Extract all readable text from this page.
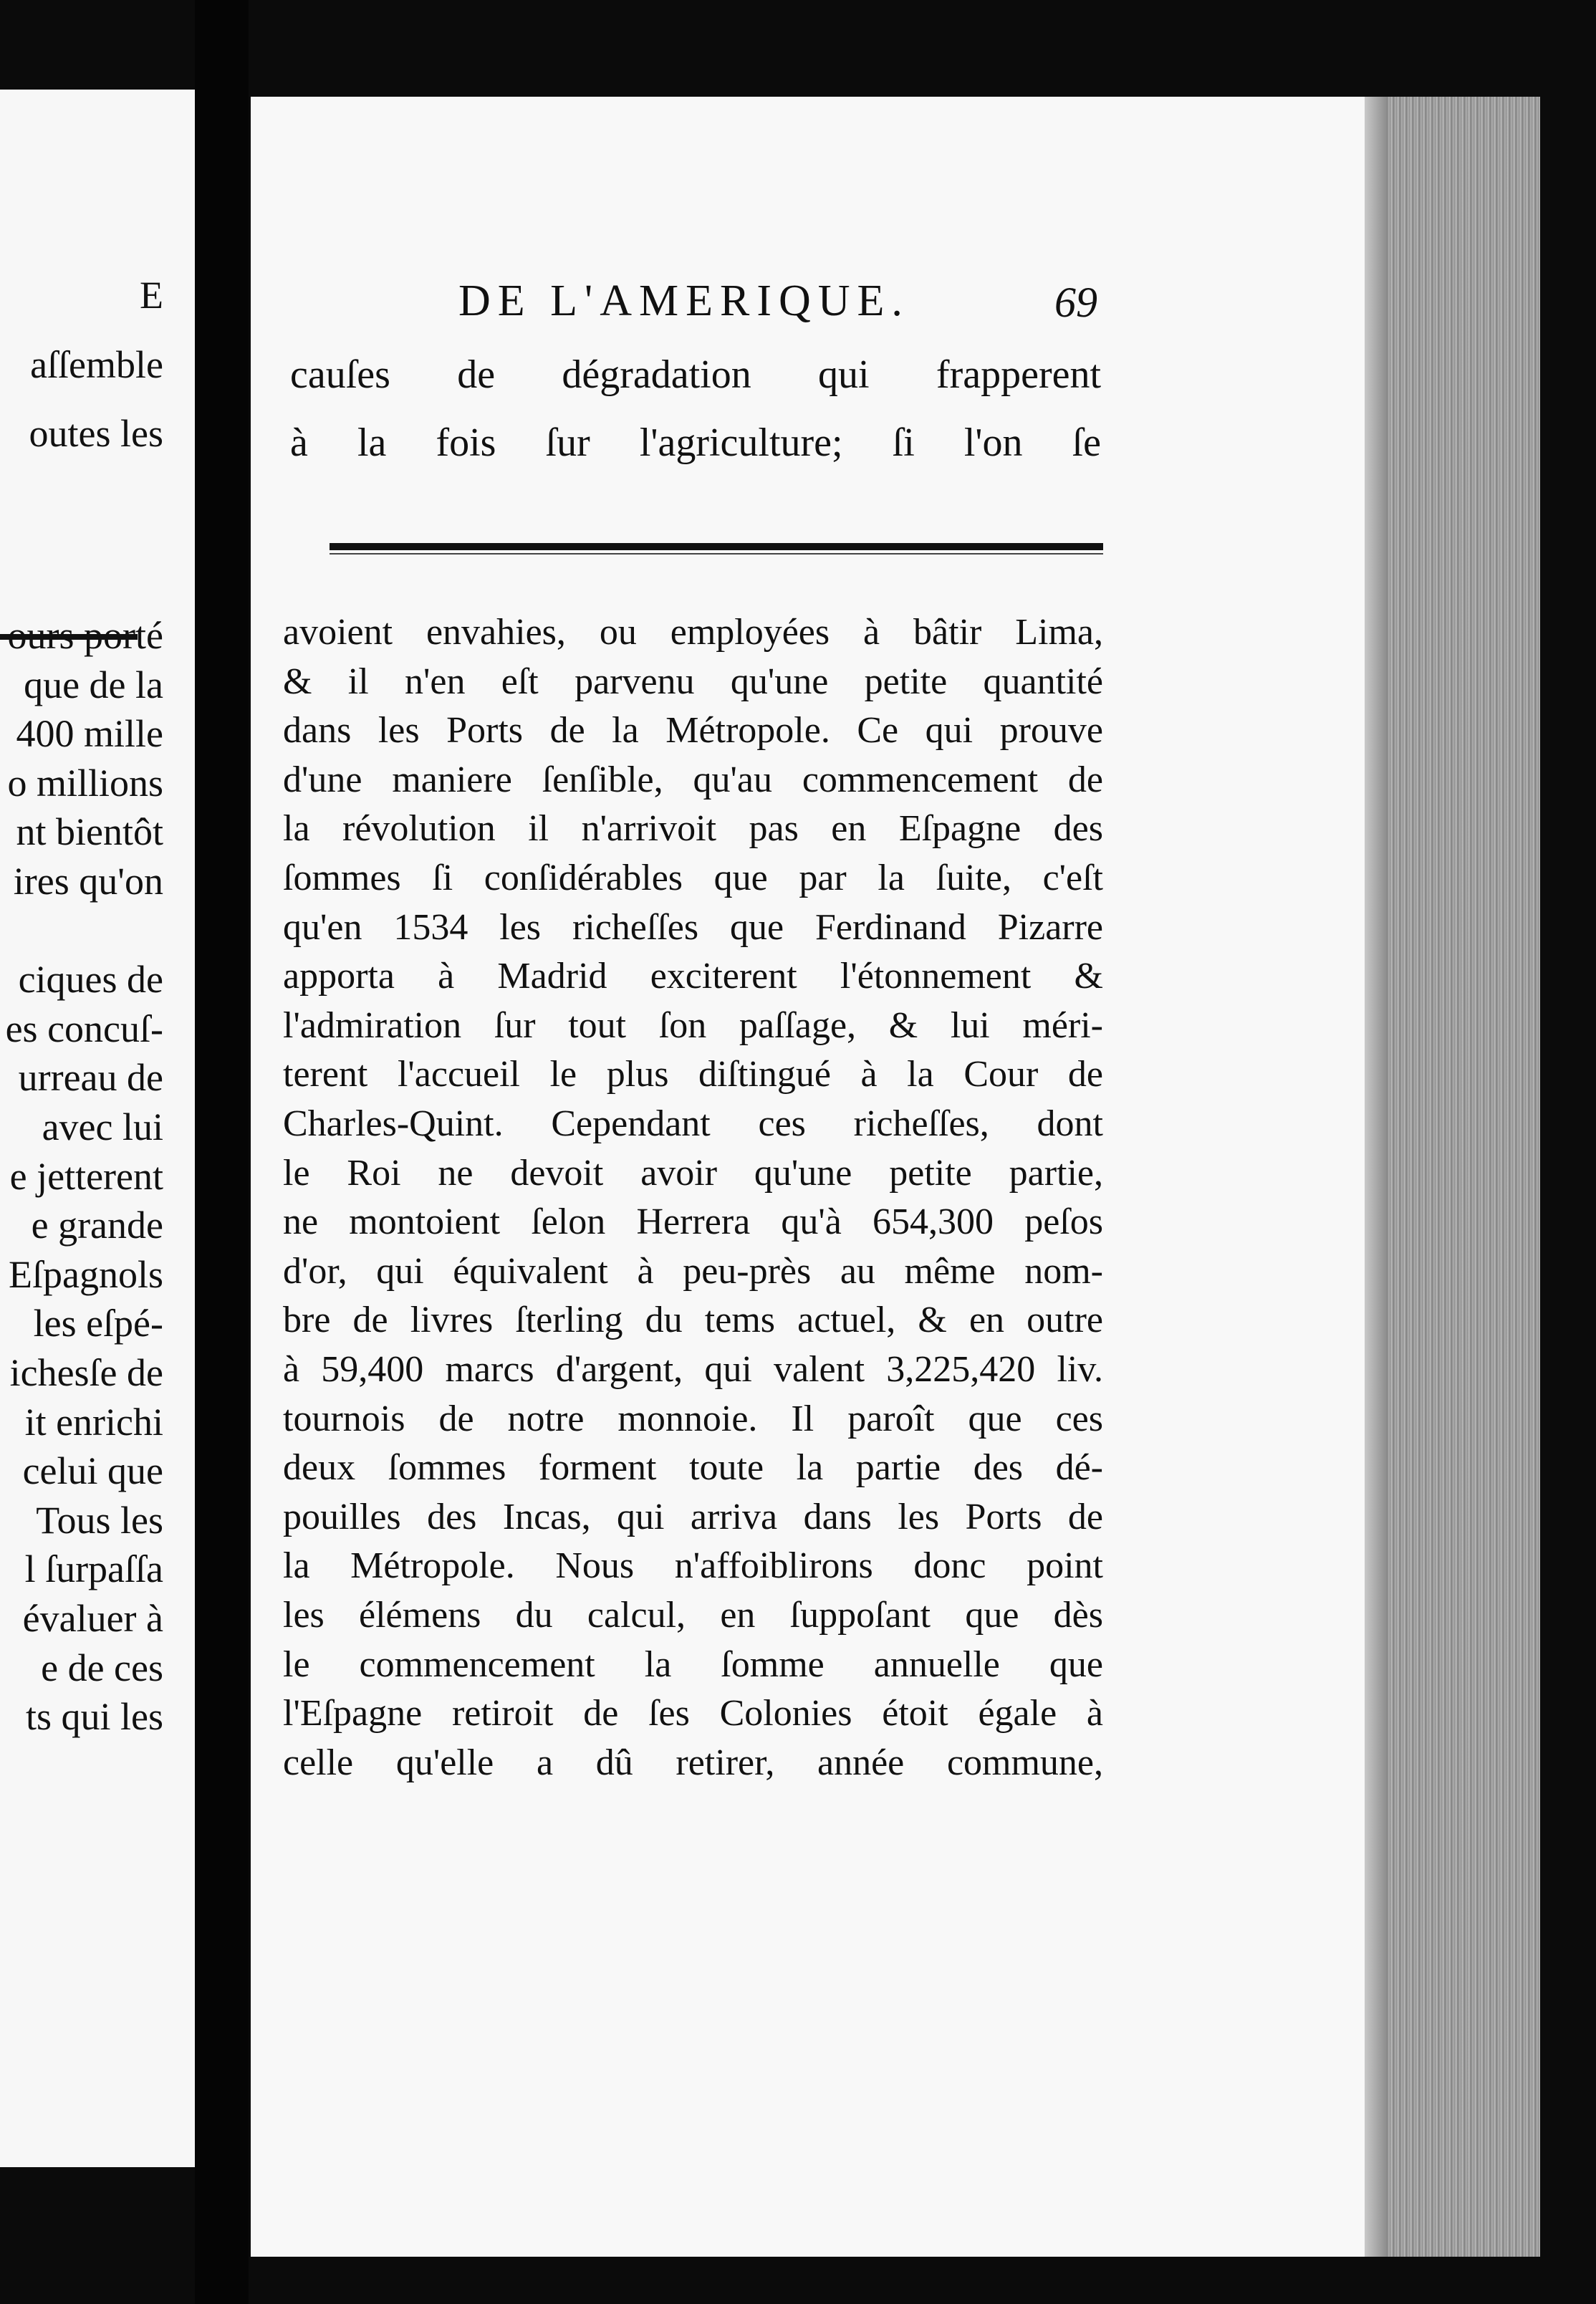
E
aſſemble
outes les
ours porté
que de la
400 mille
o millions
nt bientôt
ires qu'on
ciques de
es concuſ-
urreau de
avec lui
e jetterent
e grande
Eſpagnols
les eſpé-
ichesſe de
it enrichi
celui que
Tous les
l ſurpaſſa
évaluer à
e de ces
ts qui les
DE L'AMERIQUE.	69
cauſes de dégradation qui frapperent
à la fois ſur l'agriculture; ſi l'on ſe
avoient envahies, ou employées à bâtir Lima,
& il n'en eſt parvenu qu'une petite quantité
dans les Ports de la Métropole. Ce qui prouve
d'une maniere ſenſible, qu'au commencement de
la révolution il n'arrivoit pas en Eſpagne des
ſommes ſi conſidérables que par la ſuite, c'eſt
qu'en 1534 les richeſſes que Ferdinand Pizarre
apporta à Madrid exciterent l'étonnement &
l'admiration ſur tout ſon paſſage, & lui méri-
terent l'accueil le plus diſtingué à la Cour de
Charles-Quint. Cependant ces richeſſes, dont
le Roi ne devoit avoir qu'une petite partie,
ne montoient ſelon Herrera qu'à 654,300 peſos
d'or, qui équivalent à peu-près au même nom-
bre de livres ſterling du tems actuel, & en outre
à 59,400 marcs d'argent, qui valent 3,225,420 liv.
tournois de notre monnoie. Il paroît que ces
deux ſommes forment toute la partie des dé-
pouilles des Incas, qui arriva dans les Ports de
la Métropole. Nous n'affoiblirons donc point
les élémens du calcul, en ſuppoſant que dès
le commencement la ſomme annuelle que
l'Eſpagne retiroit de ſes Colonies étoit égale à
celle qu'elle a dû retirer, année commune,
